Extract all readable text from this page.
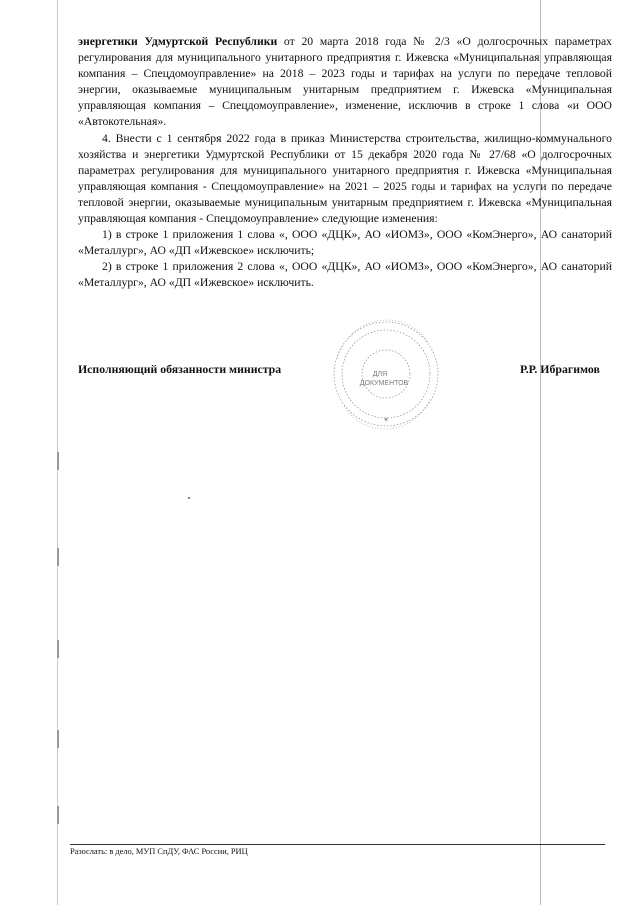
энергетики Удмуртской Республики от 20 марта 2018 года № 2/3 «О долгосрочных параметрах регулирования для муниципального унитарного предприятия г. Ижевска «Муниципальная управляющая компания – Спецдомоуправление» на 2018 – 2023 годы и тарифах на услуги по передаче тепловой энергии, оказываемые муниципальным унитарным предприятием г. Ижевска «Муниципальная управляющая компания – Спецдомоуправление», изменение, исключив в строке 1 слова «и ООО «Автокотельная».

4. Внести с 1 сентября 2022 года в приказ Министерства строительства, жилищно-коммунального хозяйства и энергетики Удмуртской Республики от 15 декабря 2020 года № 27/68 «О долгосрочных параметрах регулирования для муниципального унитарного предприятия г. Ижевска «Муниципальная управляющая компания - Спецдомоуправление» на 2021 – 2025 годы и тарифах на услуги по передаче тепловой энергии, оказываемые муниципальным унитарным предприятием г. Ижевска «Муниципальная управляющая компания - Спецдомоуправление» следующие изменения:

1) в строке 1 приложения 1 слова «, ООО «ДЦК», АО «ИОМЗ», ООО «КомЭнерго», АО санаторий «Металлург», АО «ДП «Ижевское» исключить;

2) в строке 1 приложения 2 слова «, ООО «ДЦК», АО «ИОМЗ», ООО «КомЭнерго», АО санаторий «Металлург», АО «ДП «Ижевское» исключить.

ДЛЯ
ДОКУМЕНТОВ
✶
Исполняющий обязанности министра	Р.Р. Ибрагимов
Разослать: в дело, МУП СпДУ, ФАС России, РИЦ
